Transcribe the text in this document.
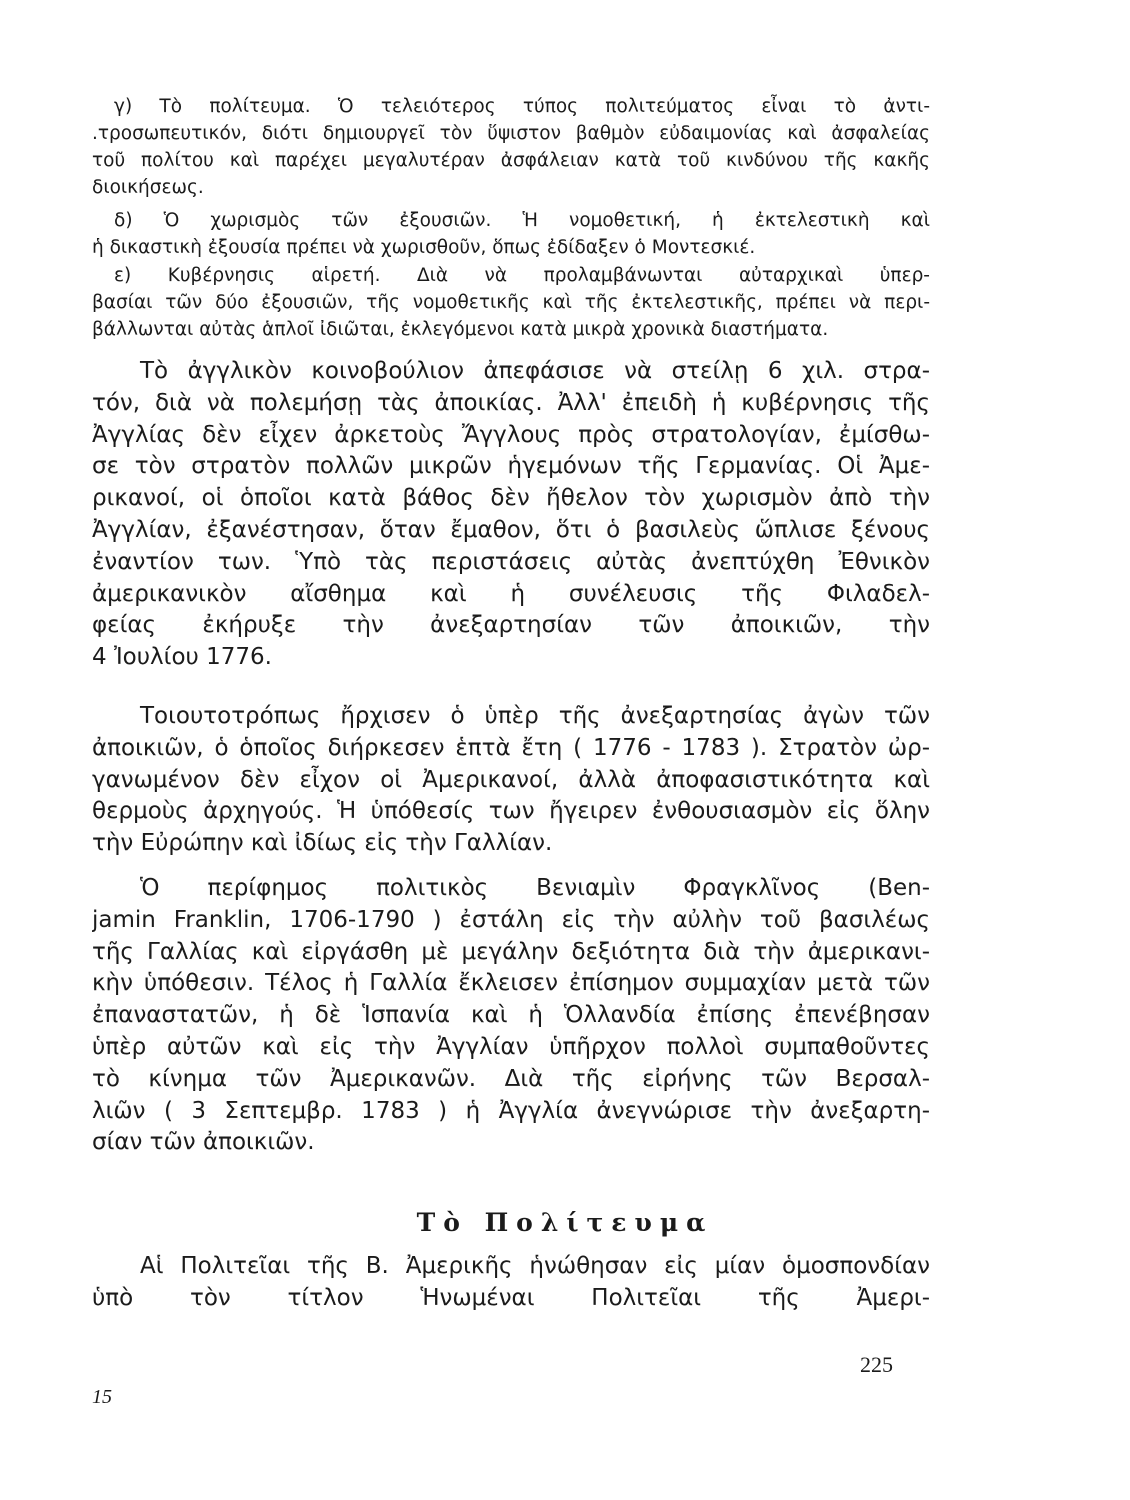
γ) Τὸ πολίτευμα. Ὁ τελειότερος τύπος πολιτεύματος εἶναι τὸ ἀντι-
.τροσωπευτικόν, διότι δημιουργεῖ τὸν ὕψιστον βαθμὸν εὐδαιμονίας καὶ ἀσφαλείας
τοῦ πολίτου καὶ παρέχει μεγαλυτέραν ἀσφάλειαν κατὰ τοῦ κινδύνου τῆς κακῆς
διοικήσεως.
δ) Ὁ χωρισμὸς τῶν ἐξουσιῶν. Ἡ νομοθετική, ἡ ἐκτελεστικὴ καὶ
ἡ δικαστικὴ ἐξουσία πρέπει νὰ χωρισθοῦν, ὅπως ἐδίδαξεν ὁ Μοντεσκιέ.
ε) Κυβέρνησις αἱρετή. Διὰ νὰ προλαμβάνωνται αὐταρχικαὶ ὑπερ-
βασίαι τῶν δύο ἐξουσιῶν, τῆς νομοθετικῆς καὶ τῆς ἐκτελεστικῆς, πρέπει νὰ περι-
βάλλωνται αὐτὰς ἁπλοῖ ἰδιῶται, ἐκλεγόμενοι κατὰ μικρὰ χρονικὰ διαστήματα.
Τὸ ἀγγλικὸν κοινοβούλιον ἀπεφάσισε νὰ στείλῃ 6 χιλ. στρα-
τόν, διὰ νὰ πολεμήσῃ τὰς ἀποικίας. Ἀλλ' ἐπειδὴ ἡ κυβέρνησις τῆς
Ἀγγλίας δὲν εἶχεν ἀρκετοὺς Ἄγγλους πρὸς στρατολογίαν, ἐμίσθω-
σε τὸν στρατὸν πολλῶν μικρῶν ἡγεμόνων τῆς Γερμανίας. Οἱ Ἀμε-
ρικανοί, οἱ ὁποῖοι κατὰ βάθος δὲν ἤθελον τὸν χωρισμὸν ἀπὸ τὴν
Ἀγγλίαν, ἐξανέστησαν, ὅταν ἔμαθον, ὅτι ὁ βασιλεὺς ὥπλισε ξένους
ἐναντίον των. Ὑπὸ τὰς περιστάσεις αὐτὰς ἀνεπτύχθη Ἐθνικὸν
ἀμερικανικὸν αἴσθημα καὶ ἡ συνέλευσις τῆς Φιλαδελ-
φείας ἐκήρυξε τὴν ἀνεξαρτησίαν τῶν ἀποικιῶν, τὴν
4 Ἰουλίου 1776.
Τοιουτοτρόπως ἤρχισεν ὁ ὑπὲρ τῆς ἀνεξαρτησίας ἀγὼν τῶν
ἀποικιῶν, ὁ ὁποῖος διήρκεσεν ἑπτὰ ἔτη ( 1776 - 1783 ). Στρατὸν ὠρ-
γανωμένον δὲν εἶχον οἱ Ἀμερικανοί, ἀλλὰ ἀποφασιστικότητα καὶ
θερμοὺς ἀρχηγούς. Ἡ ὑπόθεσίς των ἤγειρεν ἐνθουσιασμὸν εἰς ὅλην
τὴν Εὐρώπην καὶ ἰδίως εἰς τὴν Γαλλίαν.
Ὁ περίφημος πολιτικὸς Βενιαμὶν Φραγκλῖνος (Ben-
jamin Franklin, 1706-1790 ) ἐστάλη εἰς τὴν αὐλὴν τοῦ βασιλέως
τῆς Γαλλίας καὶ εἰργάσθη μὲ μεγάλην δεξιότητα διὰ τὴν ἀμερικανι-
κὴν ὑπόθεσιν. Τέλος ἡ Γαλλία ἔκλεισεν ἐπίσημον συμμαχίαν μετὰ τῶν
ἐπαναστατῶν, ἡ δὲ Ἱσπανία καὶ ἡ Ὁλλανδία ἐπίσης ἐπενέβησαν
ὑπὲρ αὐτῶν καὶ εἰς τὴν Ἀγγλίαν ὑπῆρχον πολλοὶ συμπαθοῦντες
τὸ κίνημα τῶν Ἀμερικανῶν. Διὰ τῆς εἰρήνης τῶν Βερσαλ-
λιῶν ( 3 Σεπτεμβρ. 1783 ) ἡ Ἀγγλία ἀνεγνώρισε τὴν ἀνεξαρτη-
σίαν τῶν ἀποικιῶν.
Τὸ Πολίτευμα
Αἱ Πολιτεῖαι τῆς Β. Ἀμερικῆς ἡνώθησαν εἰς μίαν ὁμοσπονδίαν
ὑπὸ τὸν τίτλον Ἡνωμέναι Πολιτεῖαι τῆς Ἀμερι-
225
15
